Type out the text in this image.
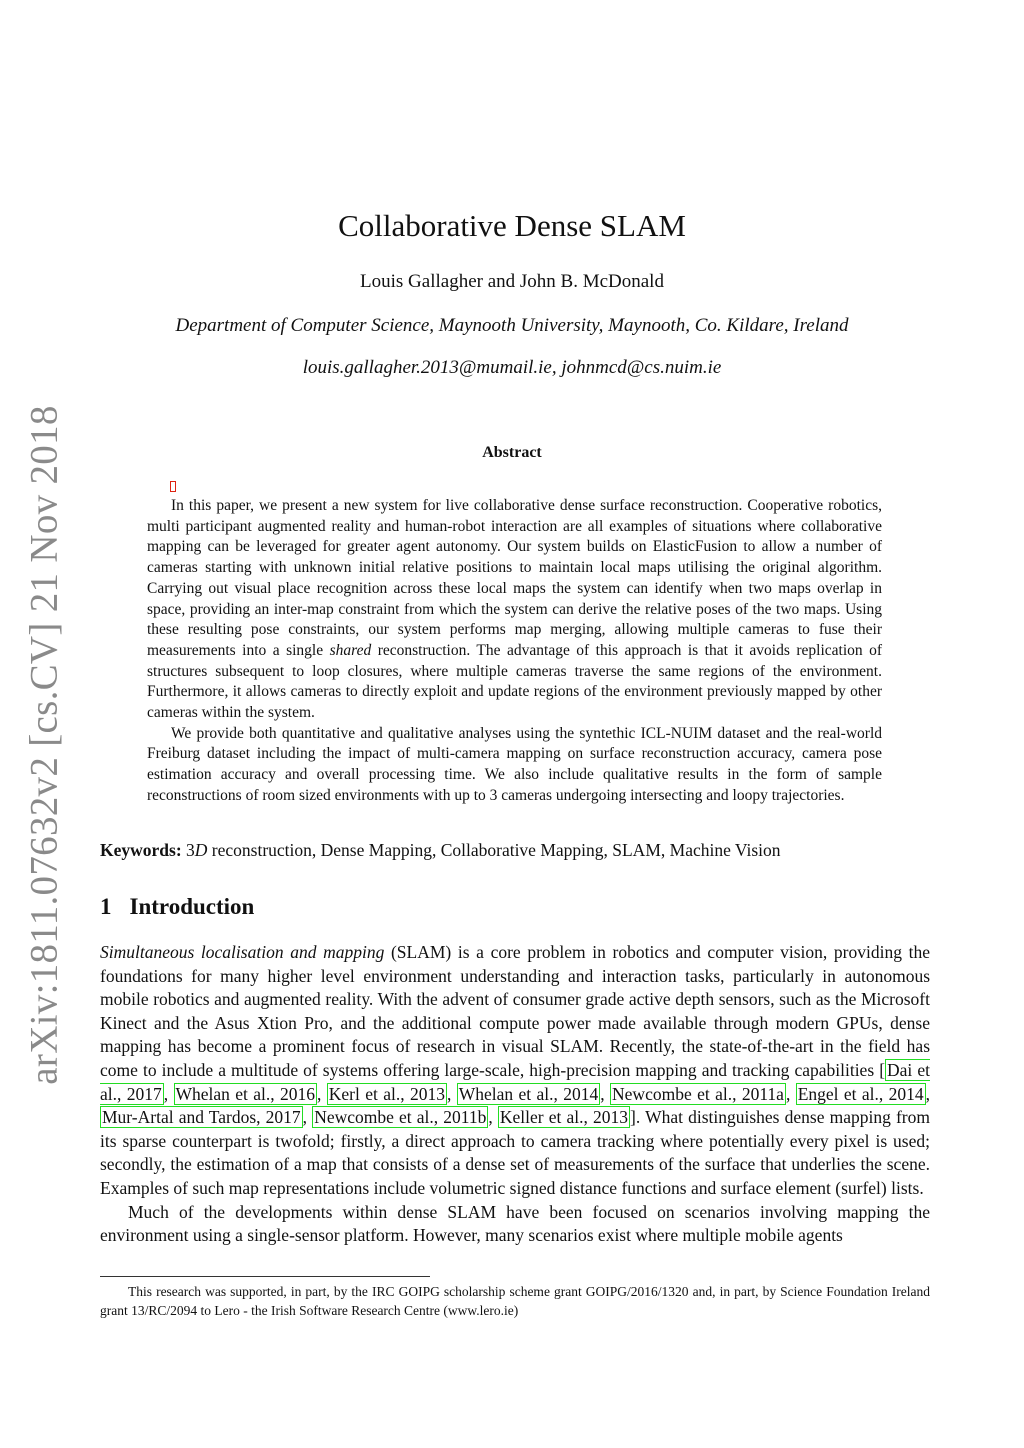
arXiv:1811.07632v2 [cs.CV] 21 Nov 2018
Collaborative Dense SLAM
Louis Gallagher and John B. McDonald
Department of Computer Science, Maynooth University, Maynooth, Co. Kildare, Ireland
louis.gallagher.2013@mumail.ie, johnmcd@cs.nuim.ie
Abstract

In this paper, we present a new system for live collaborative dense surface reconstruction. Cooperative robotics, multi participant augmented reality and human-robot interaction are all examples of situations where collaborative mapping can be leveraged for greater agent autonomy. Our system builds on ElasticFusion to allow a number of cameras starting with unknown initial relative positions to maintain local maps utilising the original algorithm. Carrying out visual place recognition across these local maps the system can identify when two maps overlap in space, providing an inter-map constraint from which the system can derive the relative poses of the two maps. Using these resulting pose constraints, our system performs map merging, allowing multiple cameras to fuse their measurements into a single shared reconstruction. The advantage of this approach is that it avoids replication of structures subsequent to loop closures, where multiple cameras traverse the same regions of the environment. Furthermore, it allows cameras to directly exploit and update regions of the environment previously mapped by other cameras within the system.

We provide both quantitative and qualitative analyses using the syntethic ICL-NUIM dataset and the real-world Freiburg dataset including the impact of multi-camera mapping on surface reconstruction accuracy, camera pose estimation accuracy and overall processing time. We also include qualitative results in the form of sample reconstructions of room sized environments with up to 3 cameras undergoing intersecting and loopy trajectories.

Keywords: 3D reconstruction, Dense Mapping, Collaborative Mapping, SLAM, Machine Vision
1 Introduction

Simultaneous localisation and mapping (SLAM) is a core problem in robotics and computer vision, providing the foundations for many higher level environment understanding and interaction tasks, particularly in autonomous mobile robotics and augmented reality. With the advent of consumer grade active depth sensors, such as the Microsoft Kinect and the Asus Xtion Pro, and the additional compute power made available through modern GPUs, dense mapping has become a prominent focus of research in visual SLAM. Recently, the state-of-the-art in the field has come to include a multitude of systems offering large-scale, high-precision mapping and tracking capabilities [ Dai et al., 2017 , Whelan et al., 2016 , Kerl et al., 2013 , Whelan et al., 2014 , Newcombe et al., 2011a , Engel et al., 2014 , Mur-Artal and Tardos, 2017 , Newcombe et al., 2011b , Keller et al., 2013 ]. What distinguishes dense mapping from its sparse counterpart is twofold; firstly, a direct approach to camera tracking where potentially every pixel is used; secondly, the estimation of a map that consists of a dense set of measurements of the surface that underlies the scene. Examples of such map representations include volumetric signed distance functions and surface element (surfel) lists.

Much of the developments within dense SLAM have been focused on scenarios involving mapping the environment using a single-sensor platform. However, many scenarios exist where multiple mobile agents

This research was supported, in part, by the IRC GOIPG scholarship scheme grant GOIPG/2016/1320 and, in part, by Science Foundation Ireland grant 13/RC/2094 to Lero - the Irish Software Research Centre (www.lero.ie)
